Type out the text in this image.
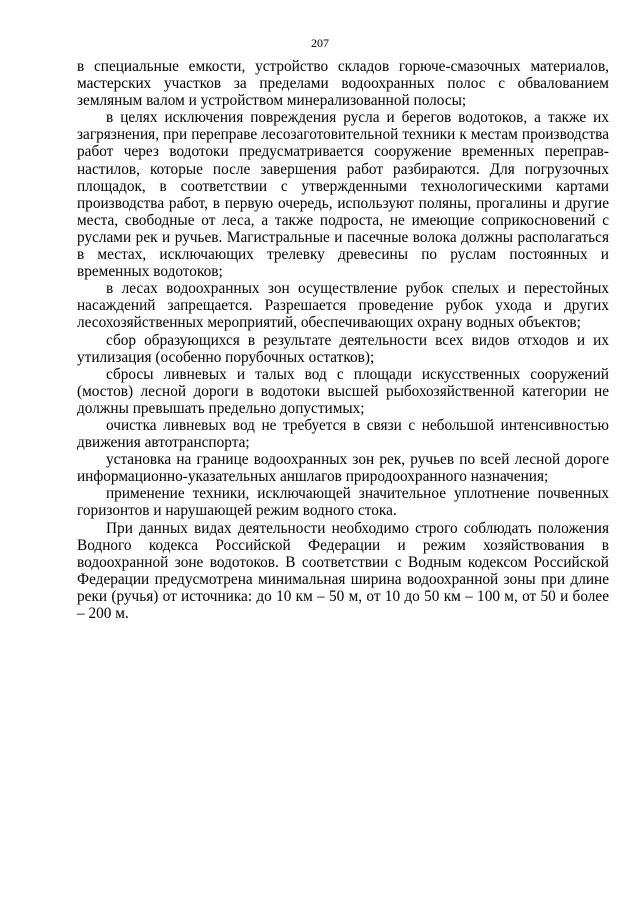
207

в специальные емкости, устройство складов горюче-смазочных материалов, мастерских участков за пределами водоохранных полос с обвалованием земляным валом и устройством минерализованной полосы;

в целях исключения повреждения русла и берегов водотоков, а также их загрязнения, при переправе лесозаготовительной техники к местам производства работ через водотоки предусматривается сооружение временных переправ-настилов, которые после завершения работ разбираются. Для погрузочных площадок, в соответствии с утвержденными технологическими картами производства работ, в первую очередь, используют поляны, прогалины и другие места, свободные от леса, а также подроста, не имеющие соприкосновений с руслами рек и ручьев. Магистральные и пасечные волока должны располагаться в местах, исключающих трелевку древесины по руслам постоянных и временных водотоков;

в лесах водоохранных зон осуществление рубок спелых и перестойных насаждений запрещается. Разрешается проведение рубок ухода и других лесохозяйственных мероприятий, обеспечивающих охрану водных объектов;

сбор образующихся в результате деятельности всех видов отходов и их утилизация (особенно порубочных остатков);

сбросы ливневых и талых вод с площади искусственных сооружений (мостов) лесной дороги в водотоки высшей рыбохозяйственной категории не должны превышать предельно допустимых;

очистка ливневых вод не требуется в связи с небольшой интенсивностью движения автотранспорта;

установка на границе водоохранных зон рек, ручьев по всей лесной дороге информационно-указательных аншлагов природоохранного назначения;

применение техники, исключающей значительное уплотнение почвенных горизонтов и нарушающей режим водного стока.

При данных видах деятельности необходимо строго соблюдать положения Водного кодекса Российской Федерации и режим хозяйствования в водоохранной зоне водотоков. В соответствии с Водным кодексом Российской Федерации предусмотрена минимальная ширина водоохранной зоны при длине реки (ручья) от источника: до 10 км – 50 м, от 10 до 50 км – 100 м, от 50 и более – 200 м.
